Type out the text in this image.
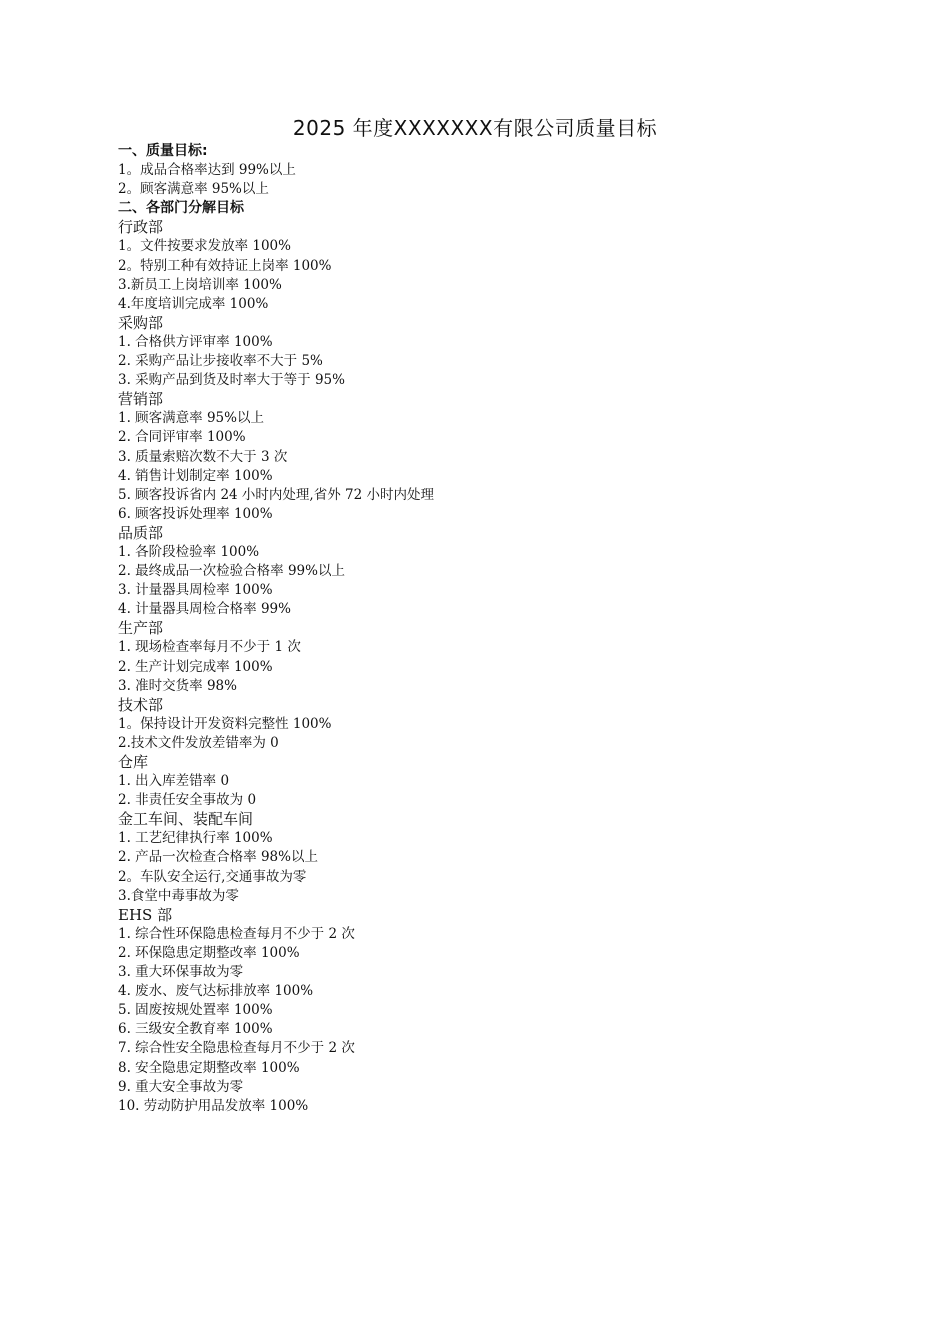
2025 年度XXXXXXX有限公司质量目标
一、质量目标:
1。成品合格率达到 99%以上
2。顾客满意率 95%以上
二、各部门分解目标
行政部
1。文件按要求发放率 100%
2。特别工种有效持证上岗率 100%
3.新员工上岗培训率 100%
4.年度培训完成率 100%
采购部
1. 合格供方评审率 100%
2. 采购产品让步接收率不大于 5%
3. 采购产品到货及时率大于等于 95%
营销部
1. 顾客满意率 95%以上
2. 合同评审率 100%
3. 质量索赔次数不大于 3 次
4. 销售计划制定率 100%
5. 顾客投诉省内 24 小时内处理,省外 72 小时内处理
6. 顾客投诉处理率 100%
品质部
1. 各阶段检验率 100%
2. 最终成品一次检验合格率 99%以上
3. 计量器具周检率 100%
4. 计量器具周检合格率 99%
生产部
1. 现场检查率每月不少于 1 次
2. 生产计划完成率 100%
3. 准时交货率 98%
技术部
1。保持设计开发资料完整性 100%
2.技术文件发放差错率为 0
仓库
1. 出入库差错率 0
2. 非责任安全事故为 0
金工车间、装配车间
1. 工艺纪律执行率 100%
2. 产品一次检查合格率 98%以上
2。车队安全运行,交通事故为零
3.食堂中毒事故为零
EHS 部
1. 综合性环保隐患检查每月不少于 2 次
2. 环保隐患定期整改率 100%
3. 重大环保事故为零
4. 废水、废气达标排放率 100%
5. 固废按规处置率 100%
6. 三级安全教育率 100%
7. 综合性安全隐患检查每月不少于 2 次
8. 安全隐患定期整改率 100%
9. 重大安全事故为零
10. 劳动防护用品发放率 100%
